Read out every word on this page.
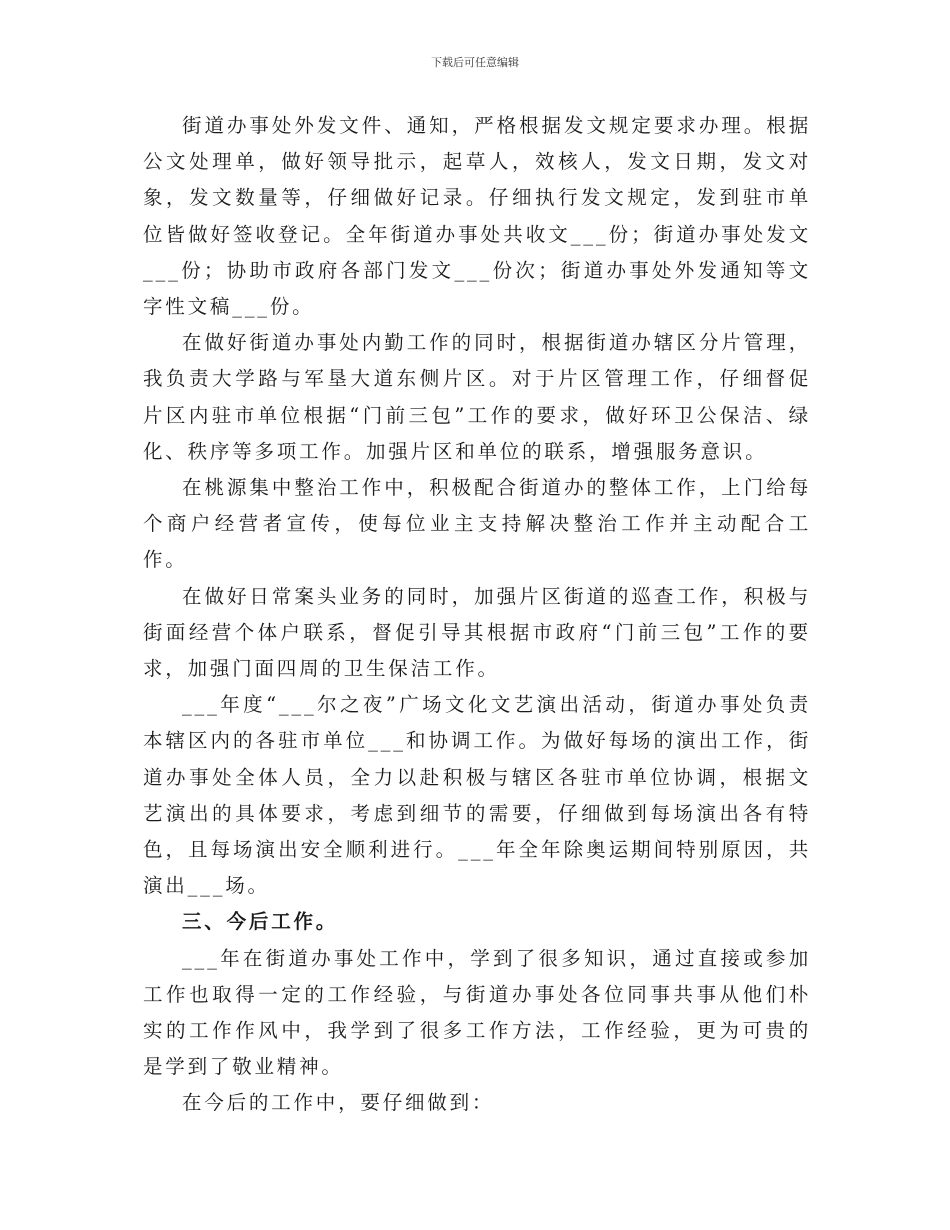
下载后可任意编辑

街道办事处外发文件、通知，严格根据发文规定要求办理。根据公文处理单，做好领导批示，起草人，效核人，发文日期，发文对象，发文数量等，仔细做好记录。仔细执行发文规定，发到驻市单位皆做好签收登记。全年街道办事处共收文___份；街道办事处发文___份；协助市政府各部门发文___份次；街道办事处外发通知等文字性文稿___份。

在做好街道办事处内勤工作的同时，根据街道办辖区分片管理，我负责大学路与军垦大道东侧片区。对于片区管理工作，仔细督促片区内驻市单位根据“门前三包”工作的要求，做好环卫公保洁、绿化、秩序等多项工作。加强片区和单位的联系，增强服务意识。

在桃源集中整治工作中，积极配合街道办的整体工作，上门给每个商户经营者宣传，使每位业主支持解决整治工作并主动配合工作。

在做好日常案头业务的同时，加强片区街道的巡查工作，积极与街面经营个体户联系，督促引导其根据市政府“门前三包”工作的要求，加强门面四周的卫生保洁工作。

___年度“___尔之夜”广场文化文艺演出活动，街道办事处负责本辖区内的各驻市单位___和协调工作。为做好每场的演出工作，街道办事处全体人员，全力以赴积极与辖区各驻市单位协调，根据文艺演出的具体要求，考虑到细节的需要，仔细做到每场演出各有特色，且每场演出安全顺利进行。___年全年除奥运期间特别原因，共演出___场。

三、今后工作。

___年在街道办事处工作中，学到了很多知识，通过直接或参加工作也取得一定的工作经验，与街道办事处各位同事共事从他们朴实的工作作风中，我学到了很多工作方法，工作经验，更为可贵的是学到了敬业精神。

在今后的工作中，要仔细做到：
